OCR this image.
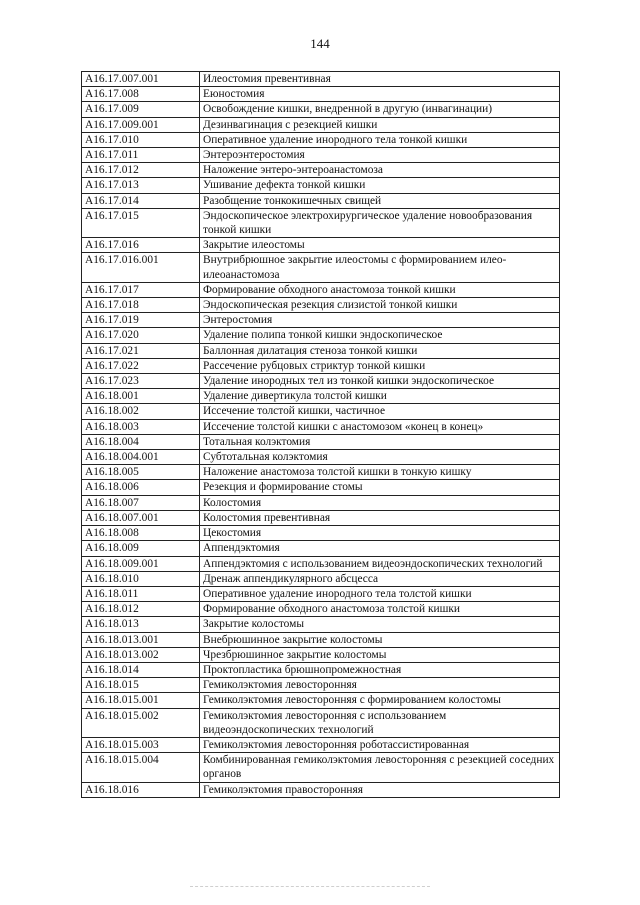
144
A16.17.007.001	Илеостомия превентивная
A16.17.008	Еюностомия
A16.17.009	Освобождение кишки, внедренной в другую (инвагинации)
A16.17.009.001	Дезинвагинация с резекцией кишки
A16.17.010	Оперативное удаление инородного тела тонкой кишки
A16.17.011	Энтероэнтеростомия
A16.17.012	Наложение энтеро-энтероанастомоза
A16.17.013	Ушивание дефекта тонкой кишки
A16.17.014	Разобщение тонкокишечных свищей
A16.17.015	Эндоскопическое электрохирургическое удаление новообразования тонкой кишки
A16.17.016	Закрытие илеостомы
A16.17.016.001	Внутрибрюшное закрытие илеостомы с формированием илео-илеоанастомоза
A16.17.017	Формирование обходного анастомоза тонкой кишки
A16.17.018	Эндоскопическая резекция слизистой тонкой кишки
A16.17.019	Энтеростомия
A16.17.020	Удаление полипа тонкой кишки эндоскопическое
A16.17.021	Баллонная дилатация стеноза тонкой кишки
A16.17.022	Рассечение рубцовых стриктур тонкой кишки
A16.17.023	Удаление инородных тел из тонкой кишки эндоскопическое
A16.18.001	Удаление дивертикула толстой кишки
A16.18.002	Иссечение толстой кишки, частичное
A16.18.003	Иссечение толстой кишки с анастомозом «конец в конец»
A16.18.004	Тотальная колэктомия
A16.18.004.001	Субтотальная колэктомия
A16.18.005	Наложение анастомоза толстой кишки в тонкую кишку
A16.18.006	Резекция и формирование стомы
A16.18.007	Колостомия
A16.18.007.001	Колостомия превентивная
A16.18.008	Цекостомия
A16.18.009	Аппендэктомия
A16.18.009.001	Аппендэктомия с использованием видеоэндоскопических технологий
A16.18.010	Дренаж аппендикулярного абсцесса
A16.18.011	Оперативное удаление инородного тела толстой кишки
A16.18.012	Формирование обходного анастомоза толстой кишки
A16.18.013	Закрытие колостомы
A16.18.013.001	Внебрюшинное закрытие колостомы
A16.18.013.002	Чрезбрюшинное закрытие колостомы
A16.18.014	Проктопластика брюшнопромежностная
A16.18.015	Гемиколэктомия левосторонняя
A16.18.015.001	Гемиколэктомия левосторонняя с формированием колостомы
A16.18.015.002	Гемиколэктомия левосторонняя с использованием видеоэндоскопических технологий
A16.18.015.003	Гемиколэктомия левосторонняя роботассистированная
A16.18.015.004	Комбинированная гемиколэктомия левосторонняя с резекцией соседних органов
A16.18.016	Гемиколэктомия правосторонняя
